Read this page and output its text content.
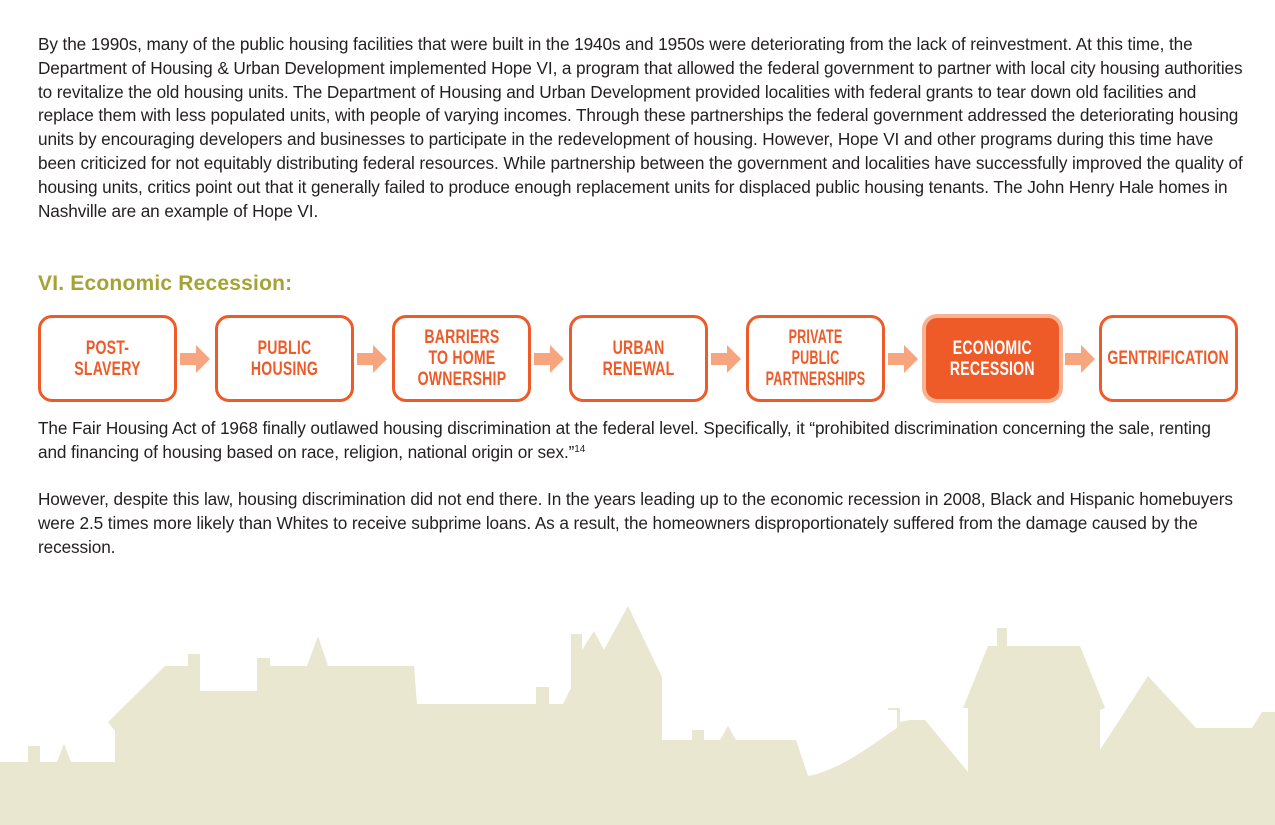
By the 1990s, many of the public housing facilities that were built in the 1940s and 1950s were deteriorating from the lack of reinvestment. At this time, the Department of Housing & Urban Development implemented Hope VI, a program that allowed the federal government to partner with local city housing authorities to revitalize the old housing units. The Department of Housing and Urban Development provided localities with federal grants to tear down old facilities and replace them with less populated units, with people of varying incomes. Through these partnerships the federal government addressed the deteriorating housing units by encouraging developers and businesses to participate in the redevelopment of housing. However, Hope VI and other programs during this time have been criticized for not equitably distributing federal resources. While partnership between the government and localities have successfully improved the quality of housing units, critics point out that it generally failed to produce enough replacement units for displaced public housing tenants. The John Henry Hale homes in Nashville are an example of Hope VI.

VI. Economic Recession:
POST-SLAVERY
PUBLIC HOUSING
BARRIERS
TO HOME
OWNERSHIP
URBAN
RENEWAL
PRIVATE PUBLIC
PARTNERSHIPS
ECONOMIC
RECESSION	GENTRIFICATION

The Fair Housing Act of 1968 finally outlawed housing discrimination at the federal level. Specifically, it “prohibited discrimination concerning the sale, renting and financing of housing based on race, religion, national origin or sex.”$^{14}$

However, despite this law, housing discrimination did not end there. In the years leading up to the economic recession in 2008, Black and Hispanic homebuyers were 2.5 times more likely than Whites to receive subprime loans. As a result, the homeowners disproportionately suffered from the damage caused by the recession.
